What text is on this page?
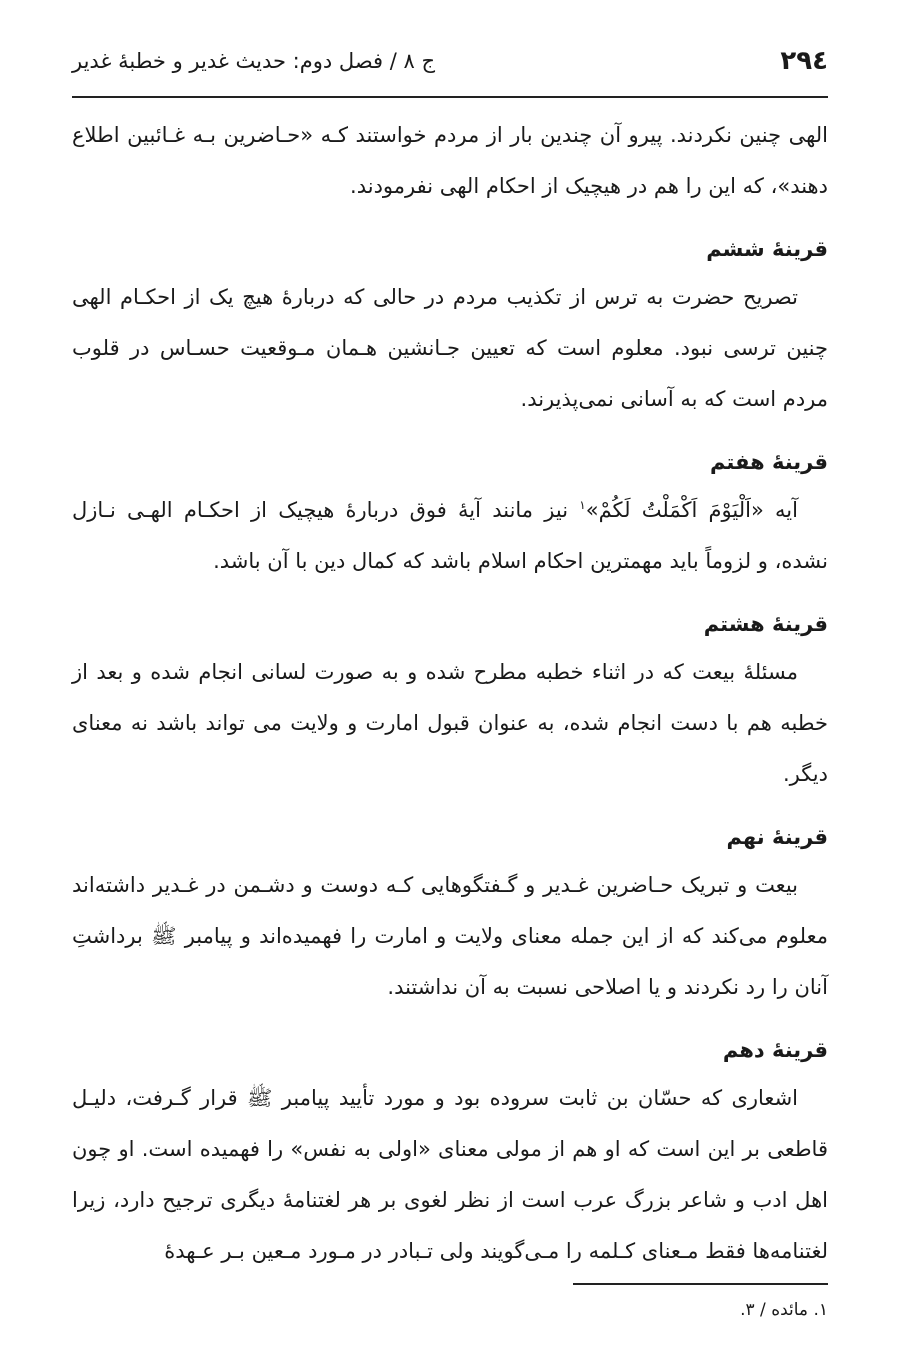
۲۹٤
ج ۸ / فصل دوم: حدیث غدیر و خطبهٔ غدیر

الهی چنین نکردند. پیرو آن چندین بار از مردم خواستند کـه «حـاضرین بـه غـائبین اطلاع دهند»، که این را هم در هیچیک از احکام الهی نفرمودند.

قرینهٔ ششم

تصریح حضرت به ترس از تکذیب مردم در حالی که دربارهٔ هیچ یک از احکـام الهی چنین ترسی نبود. معلوم است که تعیین جـانشین هـمان مـوقعیت حسـاس در قلوب مردم است که به آسانی نمی‌پذیرند.

قرینهٔ هفتم

آیه «اَلْیَوْمَ اَکْمَلْتُ لَکُمْ»$^۱$ نیز مانند آیهٔ فوق دربارهٔ هیچیک از احکـام الهـی نـازل نشده، و لزوماً باید مهمترین احکام اسلام باشد که کمال دین با آن باشد.

قرینهٔ هشتم

مسئلهٔ بیعت که در اثناء خطبه مطرح شده و به صورت لسانی انجام شده و بعد از خطبه هم با دست انجام شده، به عنوان قبول امارت و ولایت می تواند باشد نه معنای دیگر.

قرینهٔ نهم

بیعت و تبریک حـاضرین غـدیر و گـفتگوهایی کـه دوست و دشـمن در غـدیر داشته‌اند معلوم می‌کند که از این جمله معنای ولایت و امارت را فهمیده‌اند و پیامبر ﷺ برداشتِ آنان را رد نکردند و یا اصلاحی نسبت به آن نداشتند.

قرینهٔ دهم

اشعاری که حسّان بن ثابت سروده بود و مورد تأیید پیامبر ﷺ قرار گـرفت، دلیـل قاطعی بر این است که او هم از مولی معنای «اولی به نفس» را فهمیده است. او چون اهل ادب و شاعر بزرگ عرب است از نظر لغوی بر هر لغتنامهٔ دیگری ترجیح دارد، زیرا لغتنامه‌ها فقط مـعنای کـلمه را مـی‌گویند ولی تـبادر در مـورد مـعین بـر عـهدهٔ

۱. مائده / ۳.
